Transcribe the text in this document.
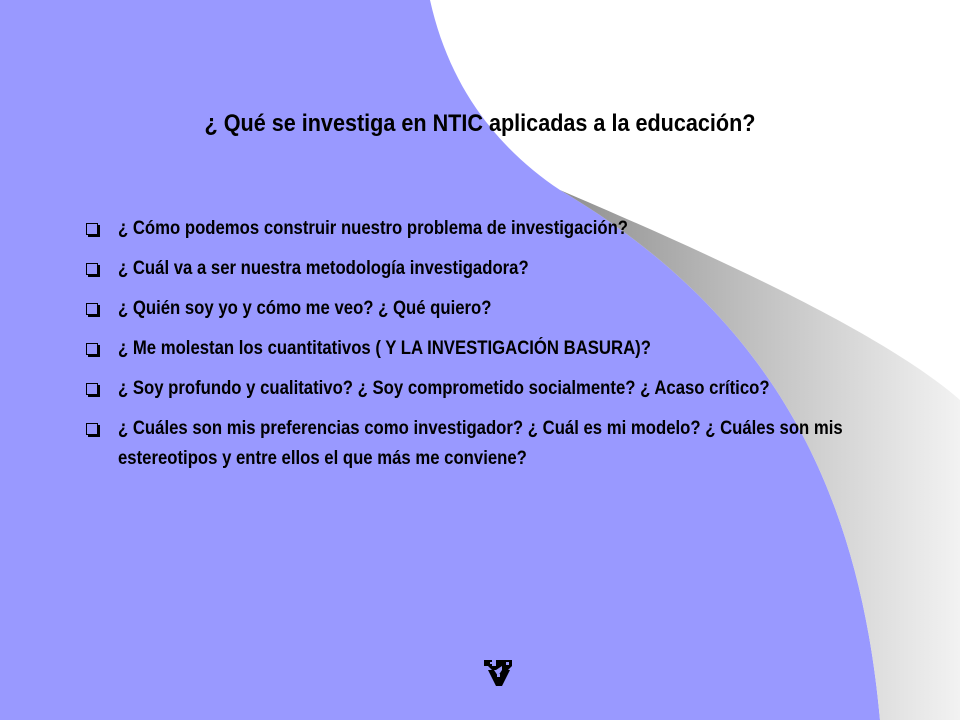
¿ Qué se investiga en NTIC aplicadas a la educación?
¿ Cómo podemos construir nuestro problema de investigación?
¿ Cuál va a ser nuestra metodología investigadora?
¿ Quién soy yo y cómo me veo? ¿ Qué quiero?
¿ Me molestan los cuantitativos ( Y LA INVESTIGACIÓN BASURA)?
¿ Soy profundo y cualitativo? ¿ Soy comprometido socialmente? ¿ Acaso crítico?
¿ Cuáles son mis preferencias como investigador? ¿ Cuál es mi modelo? ¿ Cuáles son mis estereotipos y entre ellos el que más me conviene?
